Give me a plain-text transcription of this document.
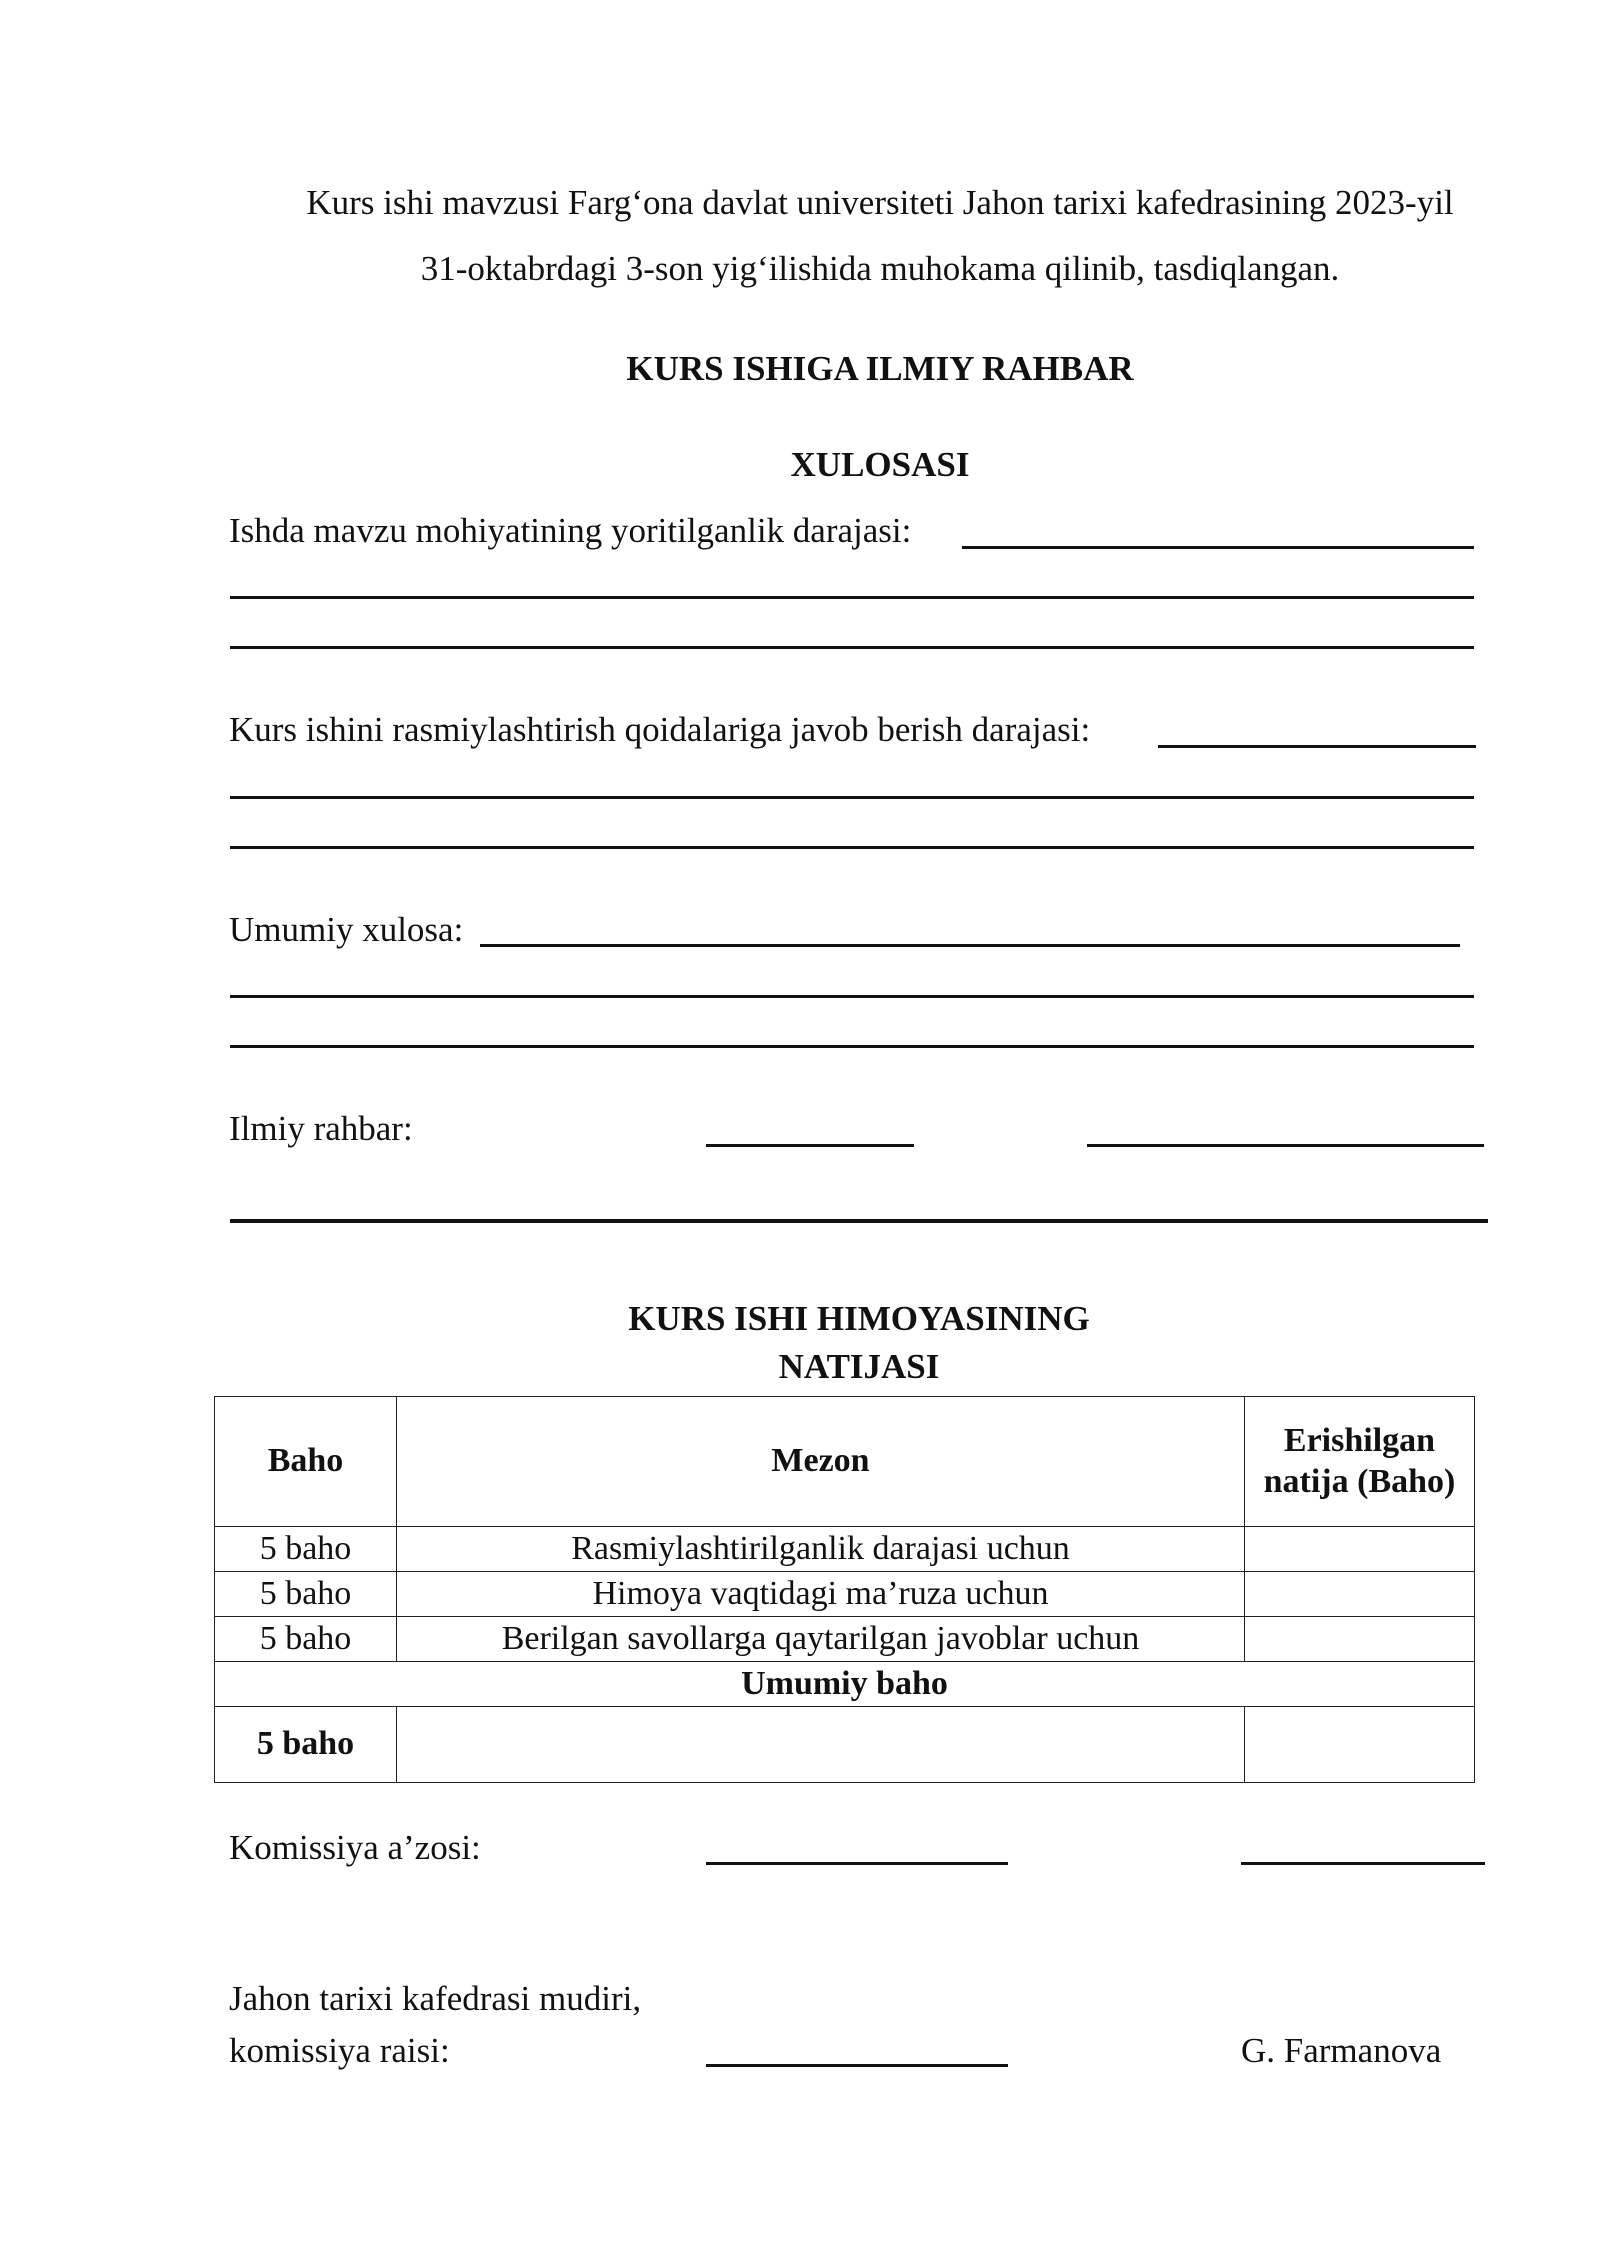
Kurs ishi mavzusi Farg‘ona davlat universiteti Jahon tarixi kafedrasining 2023-yil
31-oktabrdagi 3-son yig‘ilishida muhokama qilinib, tasdiqlangan.
KURS ISHIGA ILMIY RAHBAR
XULOSASI
Ishda mavzu mohiyatining yoritilganlik darajasi:
Kurs ishini rasmiylashtirish qoidalariga javob berish darajasi:
Umumiy xulosa:
Ilmiy rahbar:
KURS ISHI HIMOYASINING
NATIJASI
Baho	Mezon	Erishilgan natija (Baho)
5 baho	Rasmiylashtirilganlik darajasi uchun	
5 baho	Himoya vaqtidagi ma’ruza uchun	
5 baho	Berilgan savollarga qaytarilgan javoblar uchun	
Umumiy baho		
5 baho		
Komissiya a’zosi:
Jahon tarixi kafedrasi mudiri,
komissiya raisi:	G. Farmanova
